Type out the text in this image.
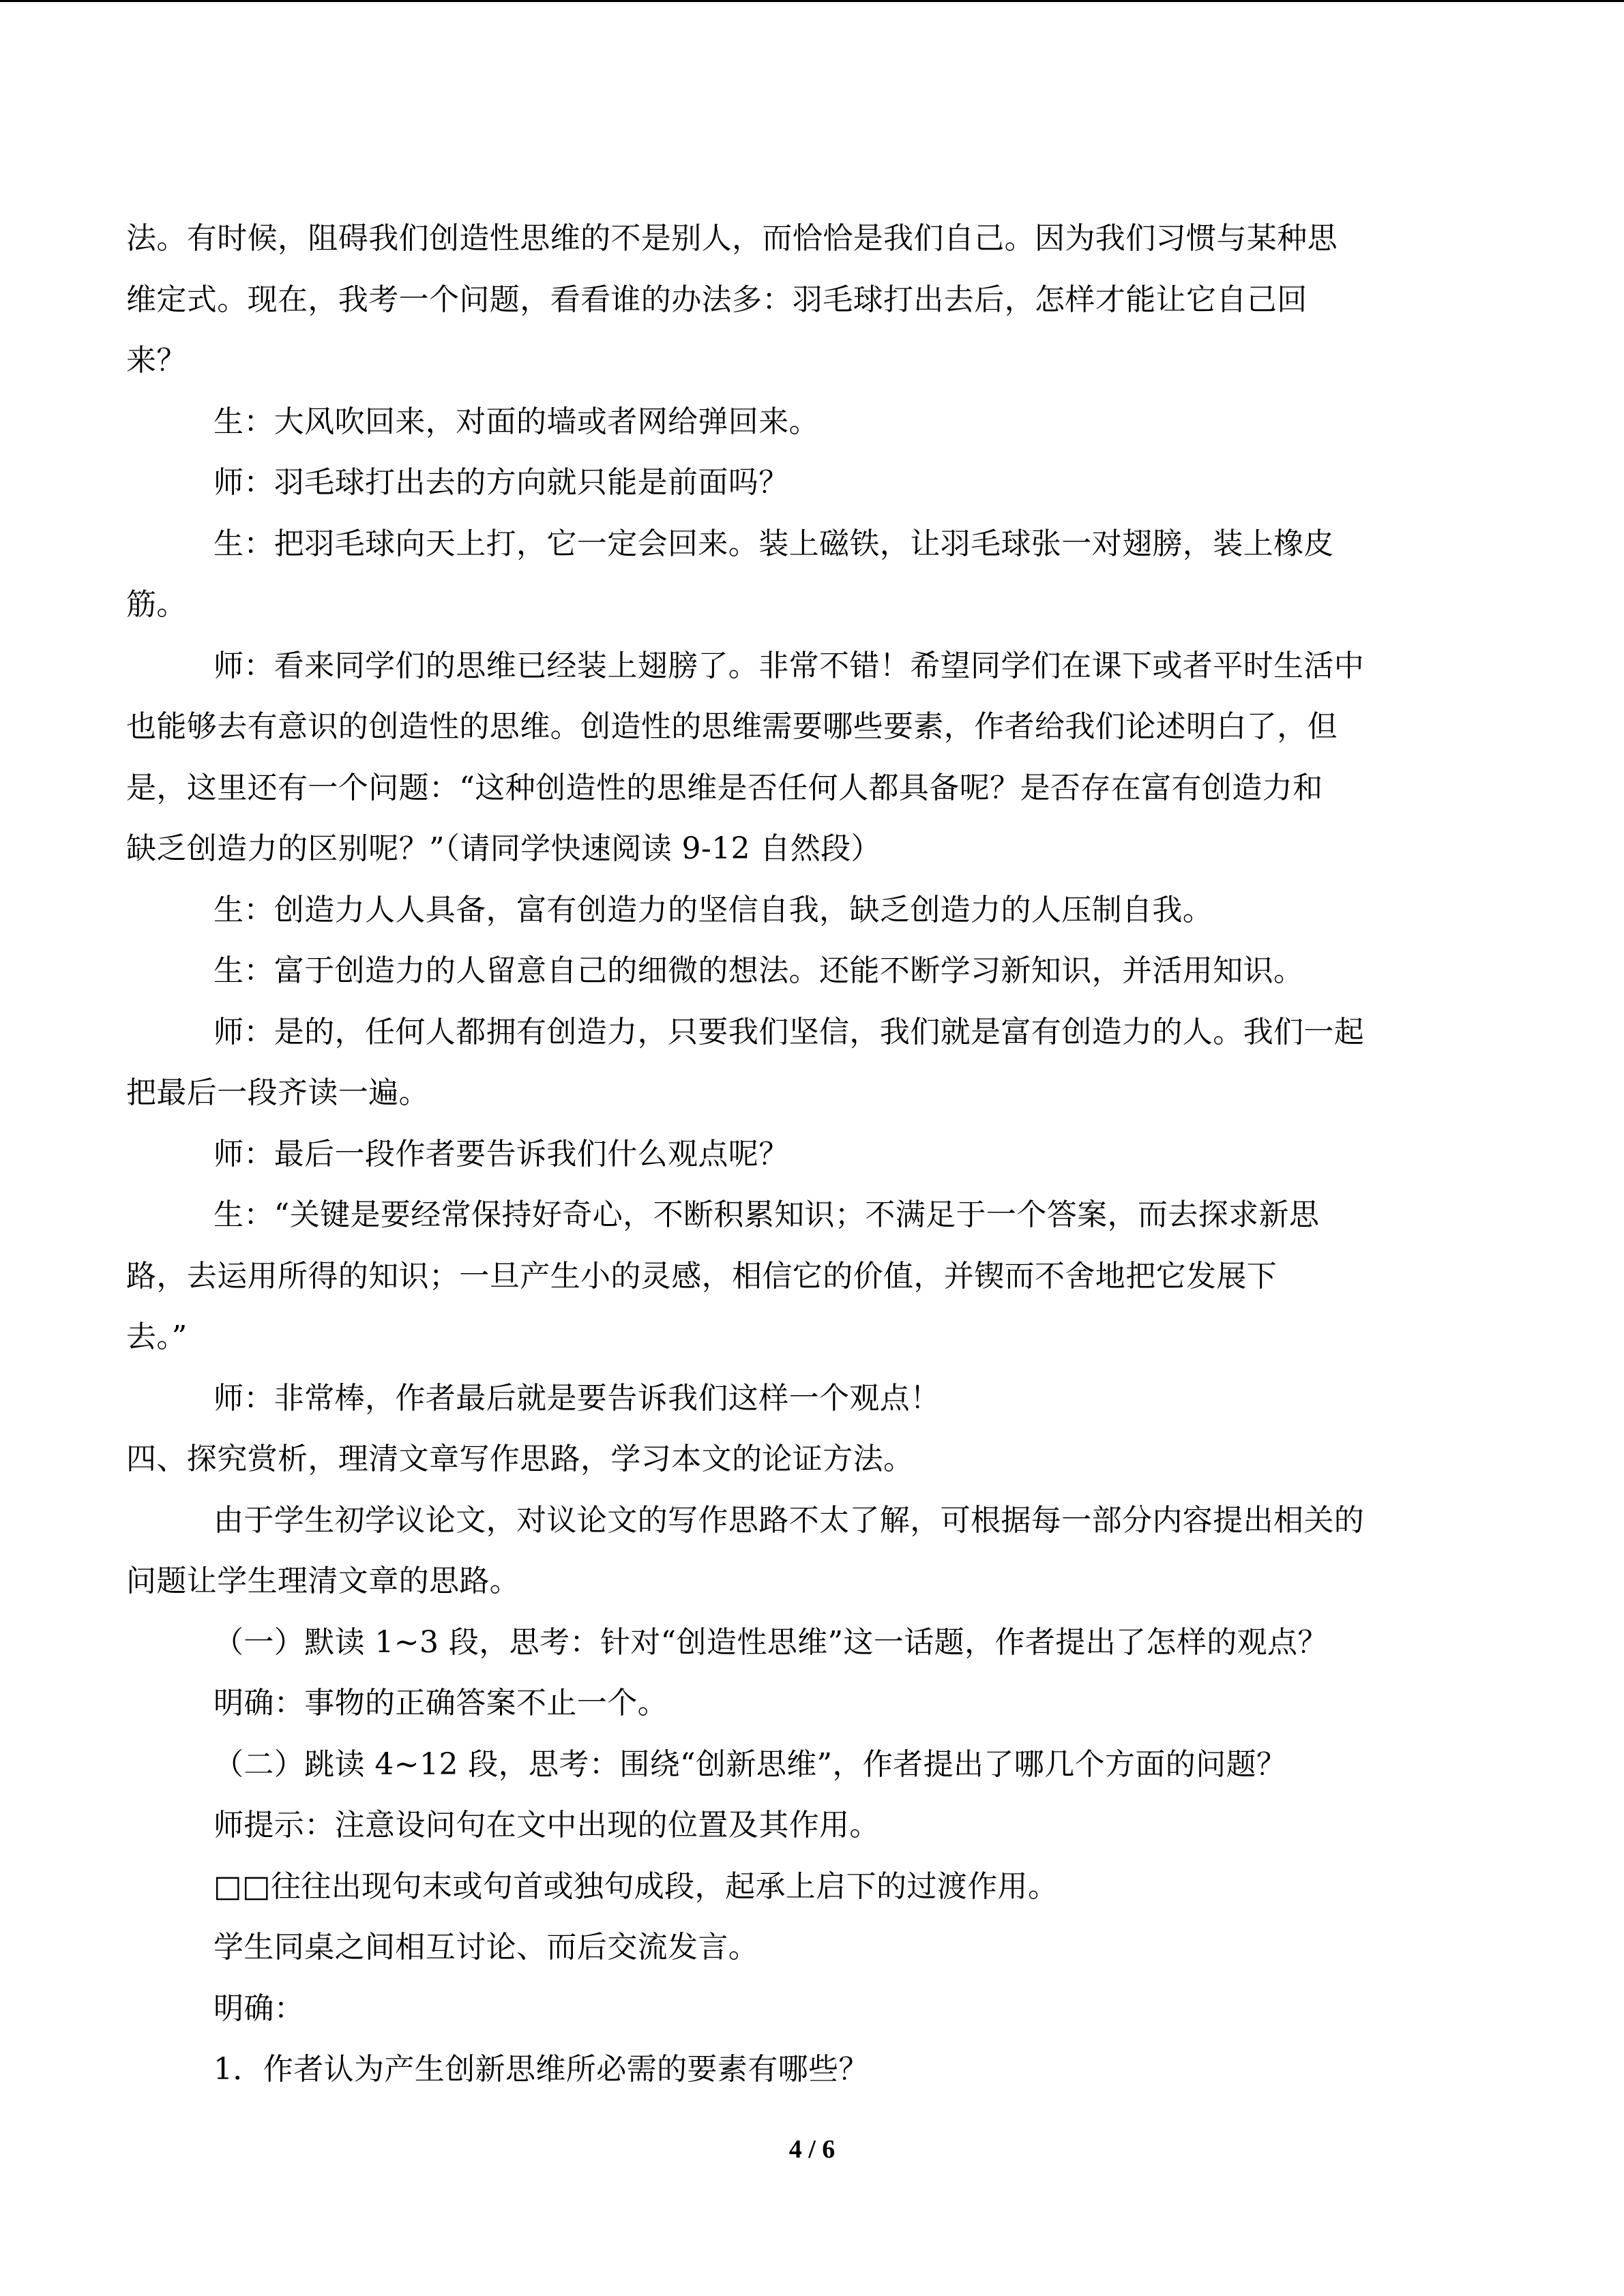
法。有时候，阻碍我们创造性思维的不是别人，而恰恰是我们自己。因为我们习惯与某种思
维定式。现在，我考一个问题，看看谁的办法多：羽毛球打出去后，怎样才能让它自己回
来？
生：大风吹回来，对面的墙或者网给弹回来。
师：羽毛球打出去的方向就只能是前面吗？
生：把羽毛球向天上打，它一定会回来。装上磁铁，让羽毛球张一对翅膀，装上橡皮
筋。
师：看来同学们的思维已经装上翅膀了。非常不错！希望同学们在课下或者平时生活中
也能够去有意识的创造性的思维。创造性的思维需要哪些要素，作者给我们论述明白了，但
是，这里还有一个问题：“这种创造性的思维是否任何人都具备呢？是否存在富有创造力和
缺乏创造力的区别呢？”（请同学快速阅读 9-12 自然段）
生：创造力人人具备，富有创造力的坚信自我，缺乏创造力的人压制自我。
生：富于创造力的人留意自己的细微的想法。还能不断学习新知识，并活用知识。
师：是的，任何人都拥有创造力，只要我们坚信，我们就是富有创造力的人。我们一起
把最后一段齐读一遍。
师：最后一段作者要告诉我们什么观点呢？
生：“关键是要经常保持好奇心，不断积累知识；不满足于一个答案，而去探求新思
路，去运用所得的知识；一旦产生小的灵感，相信它的价值，并锲而不舍地把它发展下
去。”
师：非常棒，作者最后就是要告诉我们这样一个观点！
四、探究赏析，理清文章写作思路，学习本文的论证方法。
由于学生初学议论文，对议论文的写作思路不太了解，可根据每一部分内容提出相关的
问题让学生理清文章的思路。
（一）默读 1~3 段，思考：针对“创造性思维”这一话题，作者提出了怎样的观点？
明确：事物的正确答案不止一个。
（二）跳读 4~12 段，思考：围绕“创新思维”，作者提出了哪几个方面的问题？
师提示：注意设问句在文中出现的位置及其作用。
□□往往出现句末或句首或独句成段，起承上启下的过渡作用。
学生同桌之间相互讨论、而后交流发言。
明确：
1．作者认为产生创新思维所必需的要素有哪些？
4 / 6
